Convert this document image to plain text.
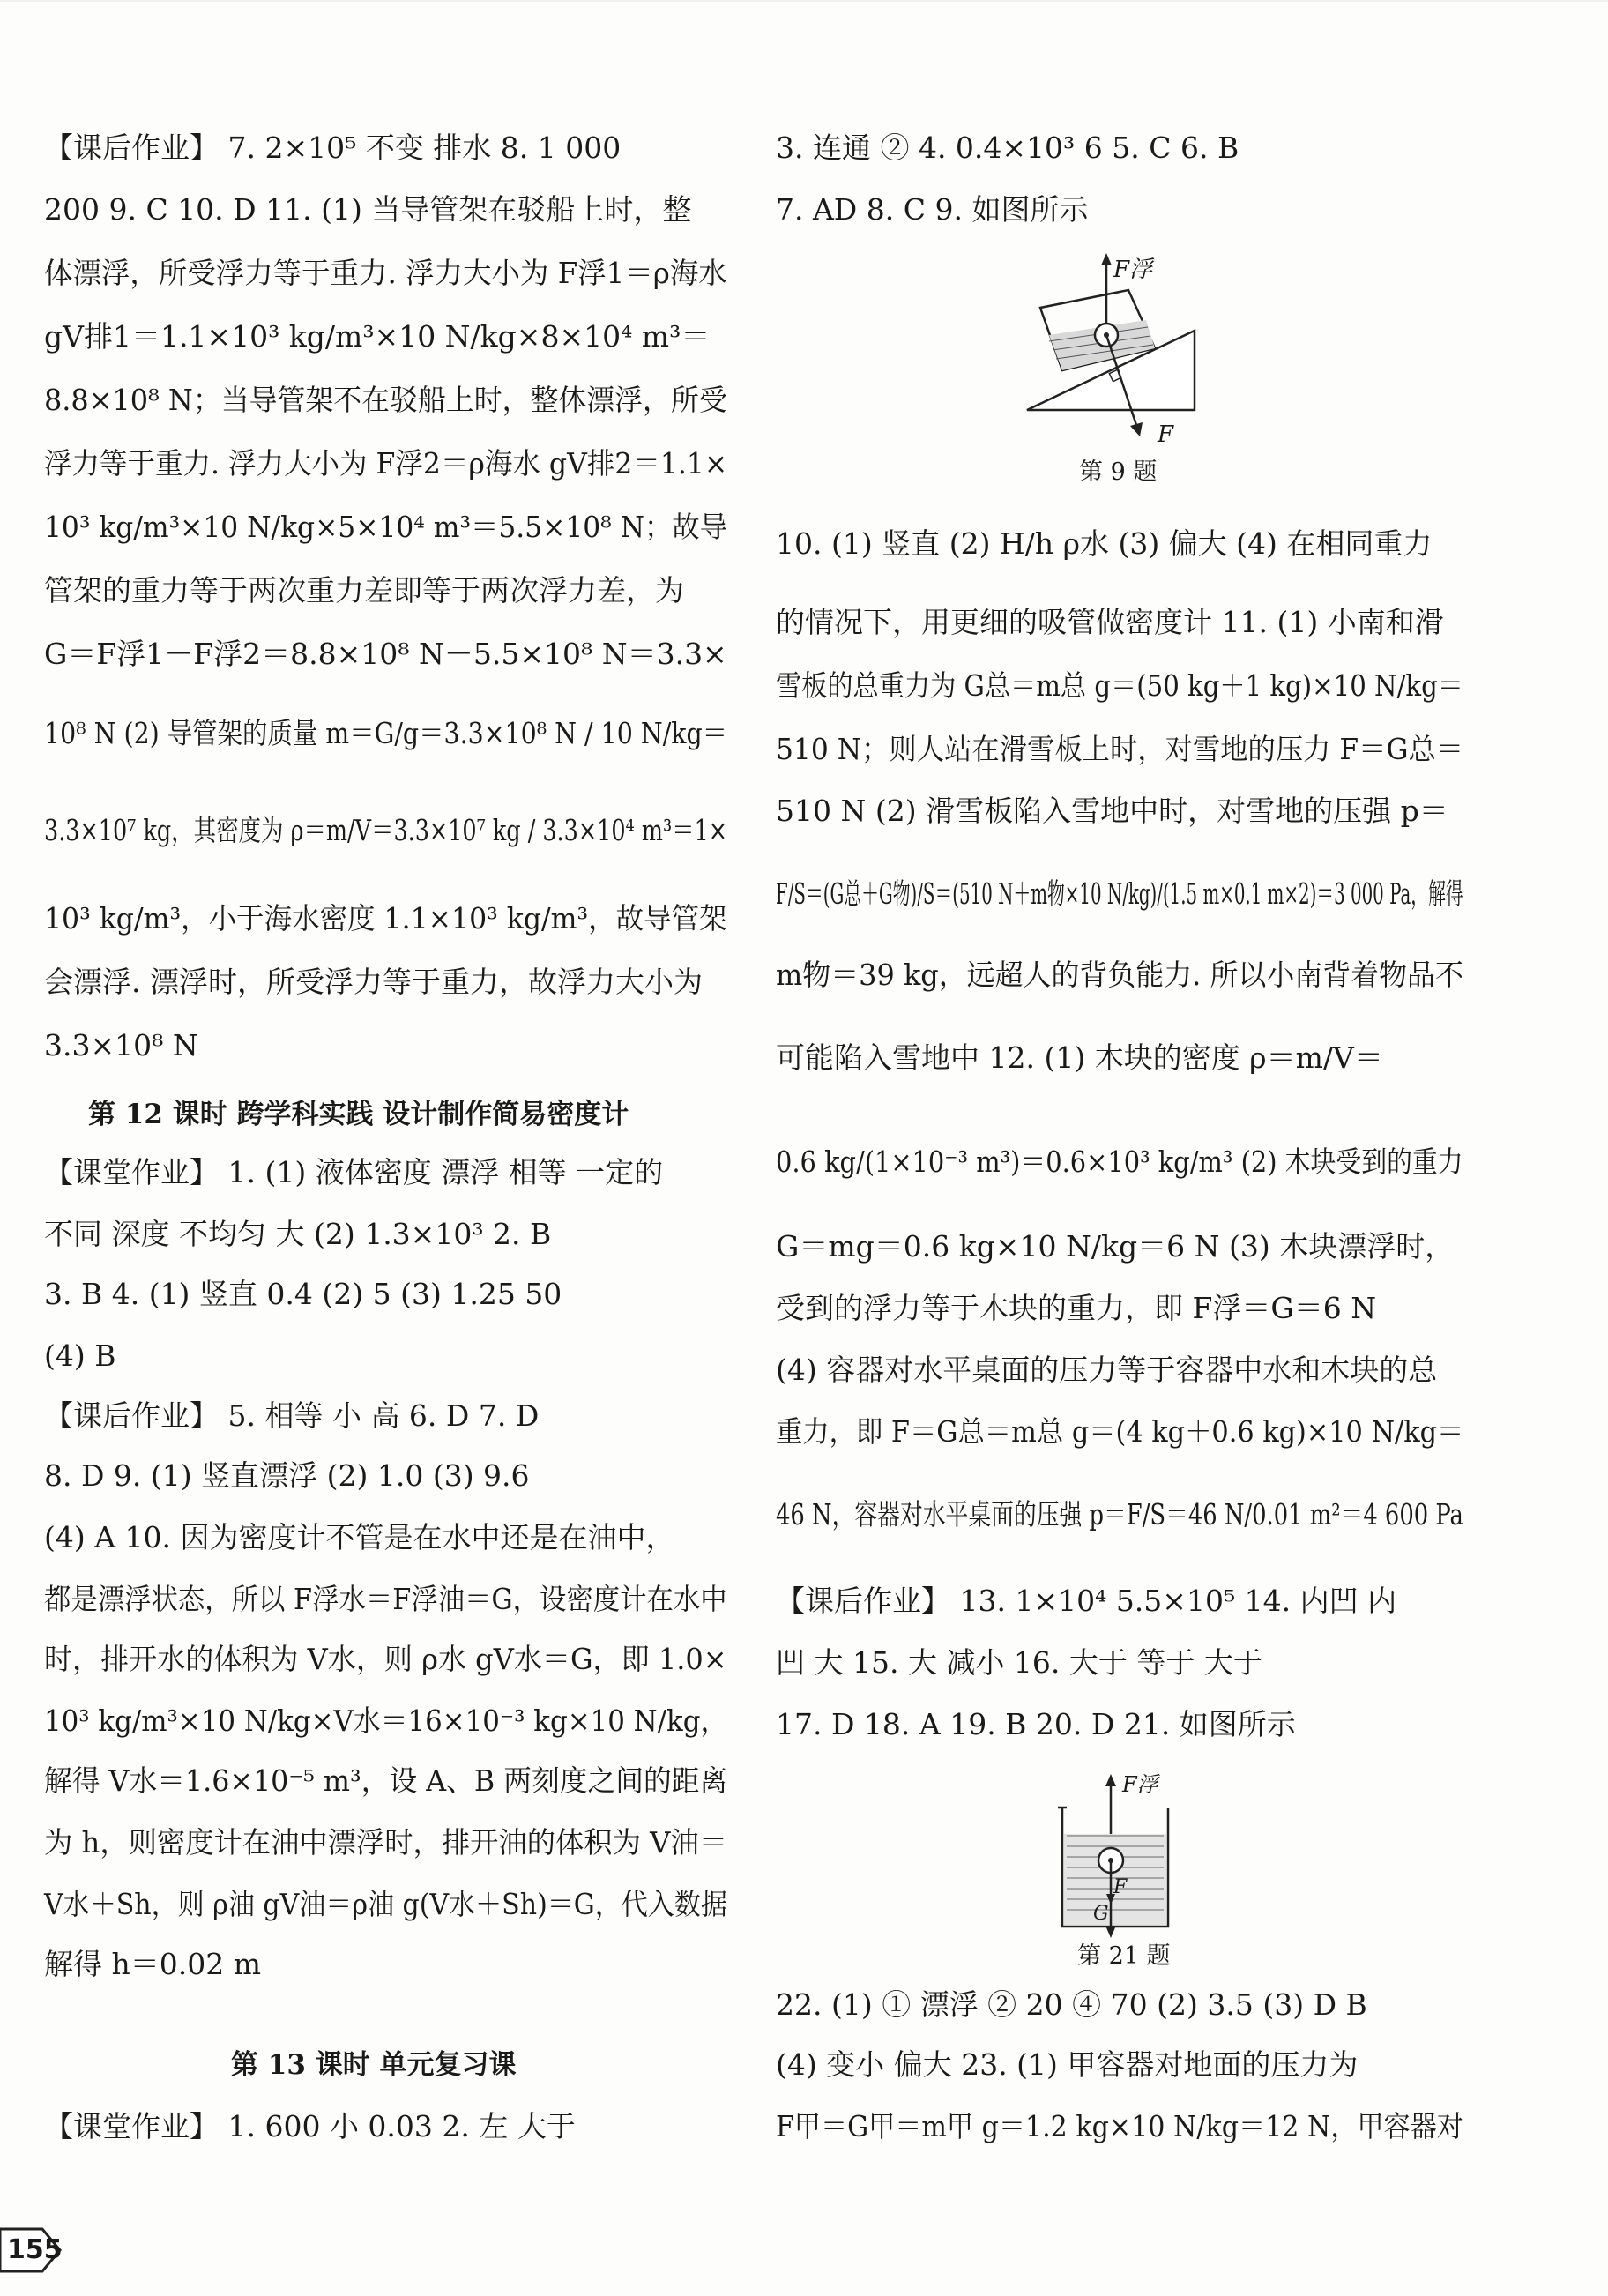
【课后作业】 7. 2×10⁵ 不变 排水 8. 1 000
200 9. C 10. D 11. (1) 当导管架在驳船上时，整
体漂浮，所受浮力等于重力. 浮力大小为 F浮1＝ρ海水
gV排1＝1.1×10³ kg/m³×10 N/kg×8×10⁴ m³＝
8.8×10⁸ N；当导管架不在驳船上时，整体漂浮，所受
浮力等于重力. 浮力大小为 F浮2＝ρ海水 gV排2＝1.1×
10³ kg/m³×10 N/kg×5×10⁴ m³＝5.5×10⁸ N；故导
管架的重力等于两次重力差即等于两次浮力差，为
G＝F浮1－F浮2＝8.8×10⁸ N－5.5×10⁸ N＝3.3×
10⁸ N (2) 导管架的质量 m＝G/g＝3.3×10⁸ N / 10 N/kg＝
3.3×10⁷ kg，其密度为 ρ＝m/V＝3.3×10⁷ kg / 3.3×10⁴ m³＝1×
10³ kg/m³，小于海水密度 1.1×10³ kg/m³，故导管架
会漂浮. 漂浮时，所受浮力等于重力，故浮力大小为
3.3×10⁸ N
第 12 课时 跨学科实践 设计制作简易密度计
【课堂作业】 1. (1) 液体密度 漂浮 相等 一定的
不同 深度 不均匀 大 (2) 1.3×10³ 2. B
3. B 4. (1) 竖直 0.4 (2) 5 (3) 1.25 50
(4) B
【课后作业】 5. 相等 小 高 6. D 7. D
8. D 9. (1) 竖直漂浮 (2) 1.0 (3) 9.6
(4) A 10. 因为密度计不管是在水中还是在油中，
都是漂浮状态，所以 F浮水＝F浮油＝G，设密度计在水中
时，排开水的体积为 V水，则 ρ水 gV水＝G，即 1.0×
10³ kg/m³×10 N/kg×V水＝16×10⁻³ kg×10 N/kg，
解得 V水＝1.6×10⁻⁵ m³，设 A、B 两刻度之间的距离
为 h，则密度计在油中漂浮时，排开油的体积为 V油＝
V水＋Sh，则 ρ油 gV油＝ρ油 g(V水＋Sh)＝G，代入数据
解得 h＝0.02 m
第 13 课时 单元复习课
【课堂作业】 1. 600 小 0.03 2. 左 大于
3. 连通 ② 4. 0.4×10³ 6 5. C 6. B
7. AD 8. C 9. 如图所示
F浮
F
第 9 题
10. (1) 竖直 (2) H/h ρ水 (3) 偏大 (4) 在相同重力
的情况下，用更细的吸管做密度计 11. (1) 小南和滑
雪板的总重力为 G总＝m总 g＝(50 kg＋1 kg)×10 N/kg＝
510 N；则人站在滑雪板上时，对雪地的压力 F＝G总＝
510 N (2) 滑雪板陷入雪地中时，对雪地的压强 p＝
F/S＝(G总＋G物)/S＝(510 N＋m物×10 N/kg)/(1.5 m×0.1 m×2)＝3 000 Pa，解得
m物＝39 kg，远超人的背负能力. 所以小南背着物品不
可能陷入雪地中 12. (1) 木块的密度 ρ＝m/V＝
0.6 kg/(1×10⁻³ m³)＝0.6×10³ kg/m³ (2) 木块受到的重力
G＝mg＝0.6 kg×10 N/kg＝6 N (3) 木块漂浮时，
受到的浮力等于木块的重力，即 F浮＝G＝6 N
(4) 容器对水平桌面的压力等于容器中水和木块的总
重力，即 F＝G总＝m总 g＝(4 kg＋0.6 kg)×10 N/kg＝
46 N，容器对水平桌面的压强 p＝F/S＝46 N/0.01 m²＝4 600 Pa
【课后作业】 13. 1×10⁴ 5.5×10⁵ 14. 内凹 内
凹 大 15. 大 减小 16. 大于 等于 大于
17. D 18. A 19. B 20. D 21. 如图所示
F浮
F
G
第 21 题
22. (1) ① 漂浮 ② 20 ④ 70 (2) 3.5 (3) D B
(4) 变小 偏大 23. (1) 甲容器对地面的压力为
F甲＝G甲＝m甲 g＝1.2 kg×10 N/kg＝12 N，甲容器对
155
